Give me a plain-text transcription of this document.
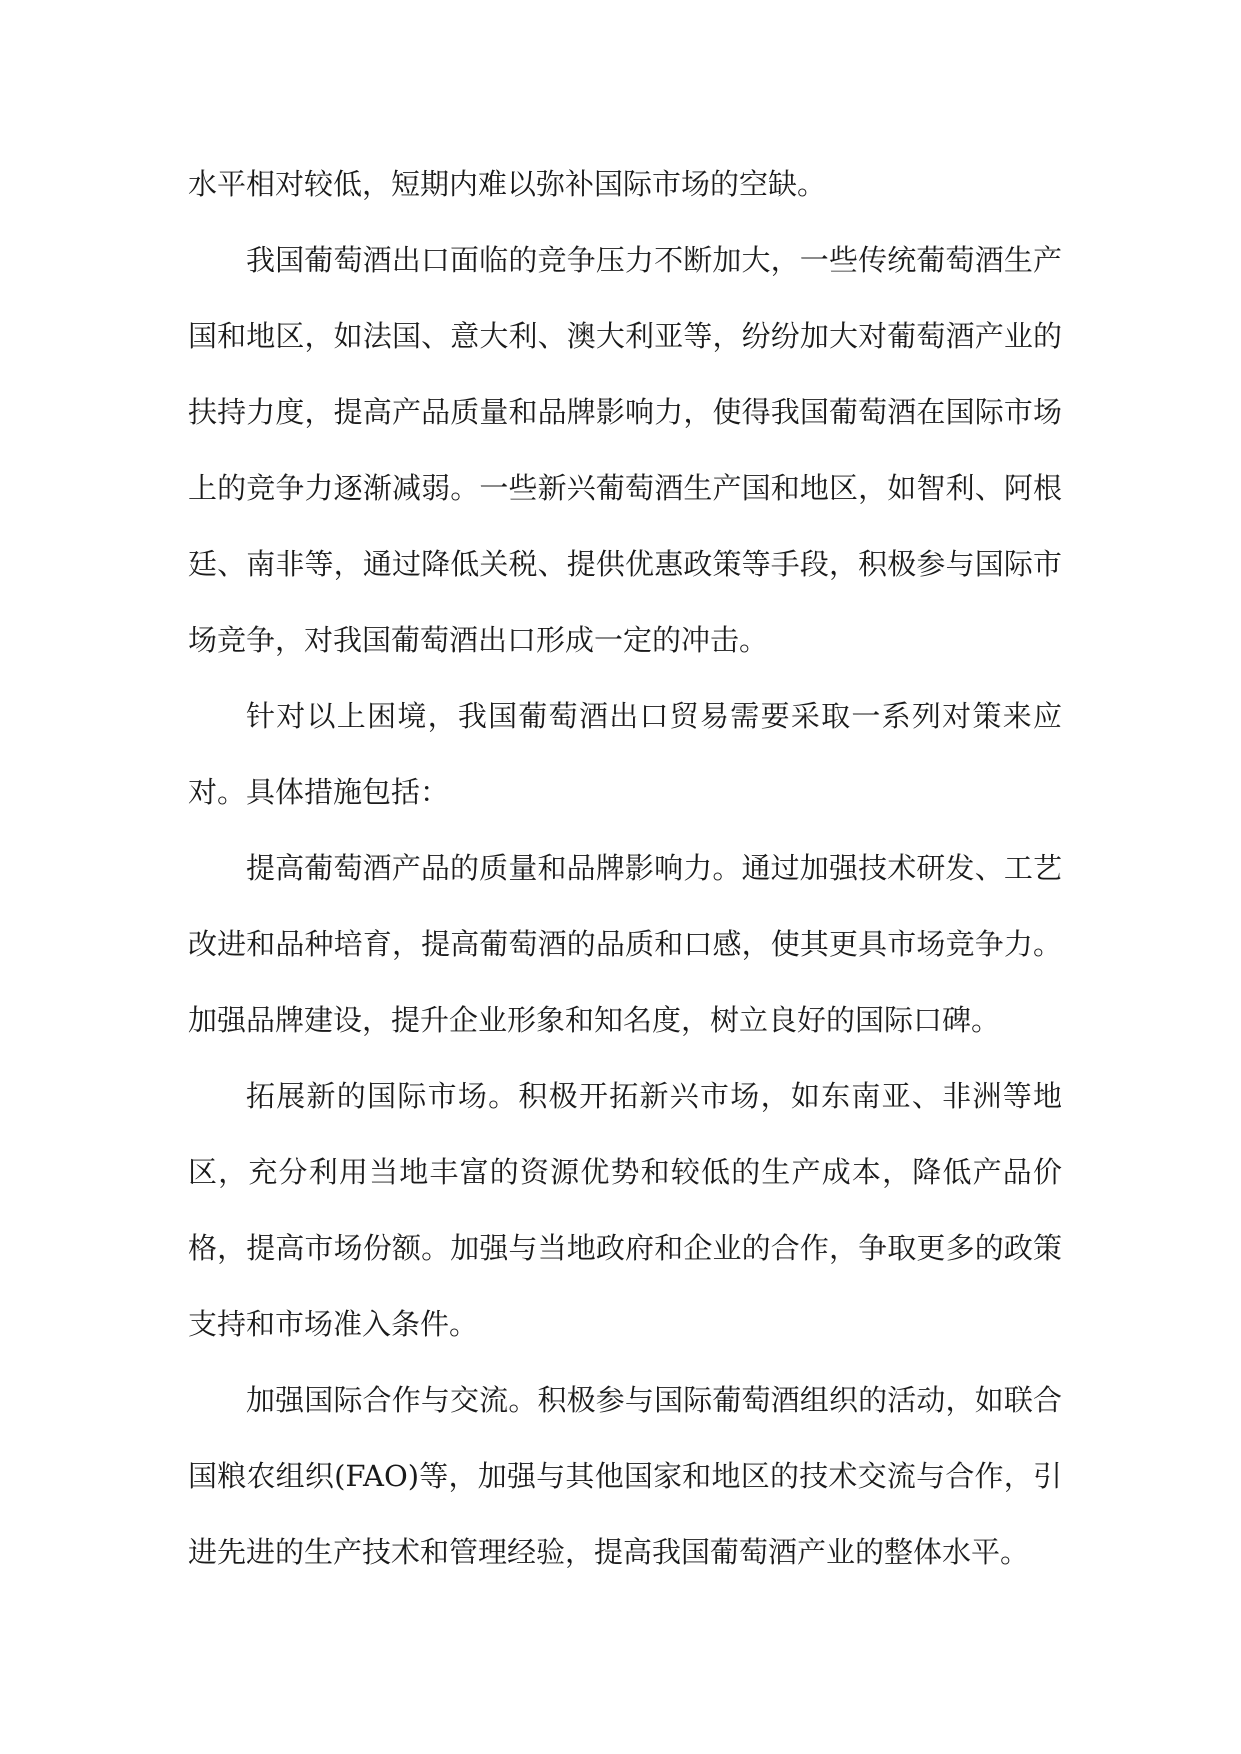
水平相对较低，短期内难以弥补国际市场的空缺。

我国葡萄酒出口面临的竞争压力不断加大，一些传统葡萄酒生产国和地区，如法国、意大利、澳大利亚等，纷纷加大对葡萄酒产业的扶持力度，提高产品质量和品牌影响力，使得我国葡萄酒在国际市场上的竞争力逐渐减弱。一些新兴葡萄酒生产国和地区，如智利、阿根廷、南非等，通过降低关税、提供优惠政策等手段，积极参与国际市场竞争，对我国葡萄酒出口形成一定的冲击。

针对以上困境，我国葡萄酒出口贸易需要采取一系列对策来应对。具体措施包括：

提高葡萄酒产品的质量和品牌影响力。通过加强技术研发、工艺改进和品种培育，提高葡萄酒的品质和口感，使其更具市场竞争力。加强品牌建设，提升企业形象和知名度，树立良好的国际口碑。

拓展新的国际市场。积极开拓新兴市场，如东南亚、非洲等地区，充分利用当地丰富的资源优势和较低的生产成本，降低产品价格，提高市场份额。加强与当地政府和企业的合作，争取更多的政策支持和市场准入条件。

加强国际合作与交流。积极参与国际葡萄酒组织的活动，如联合国粮农组织(FAO)等，加强与其他国家和地区的技术交流与合作，引进先进的生产技术和管理经验，提高我国葡萄酒产业的整体水平。
